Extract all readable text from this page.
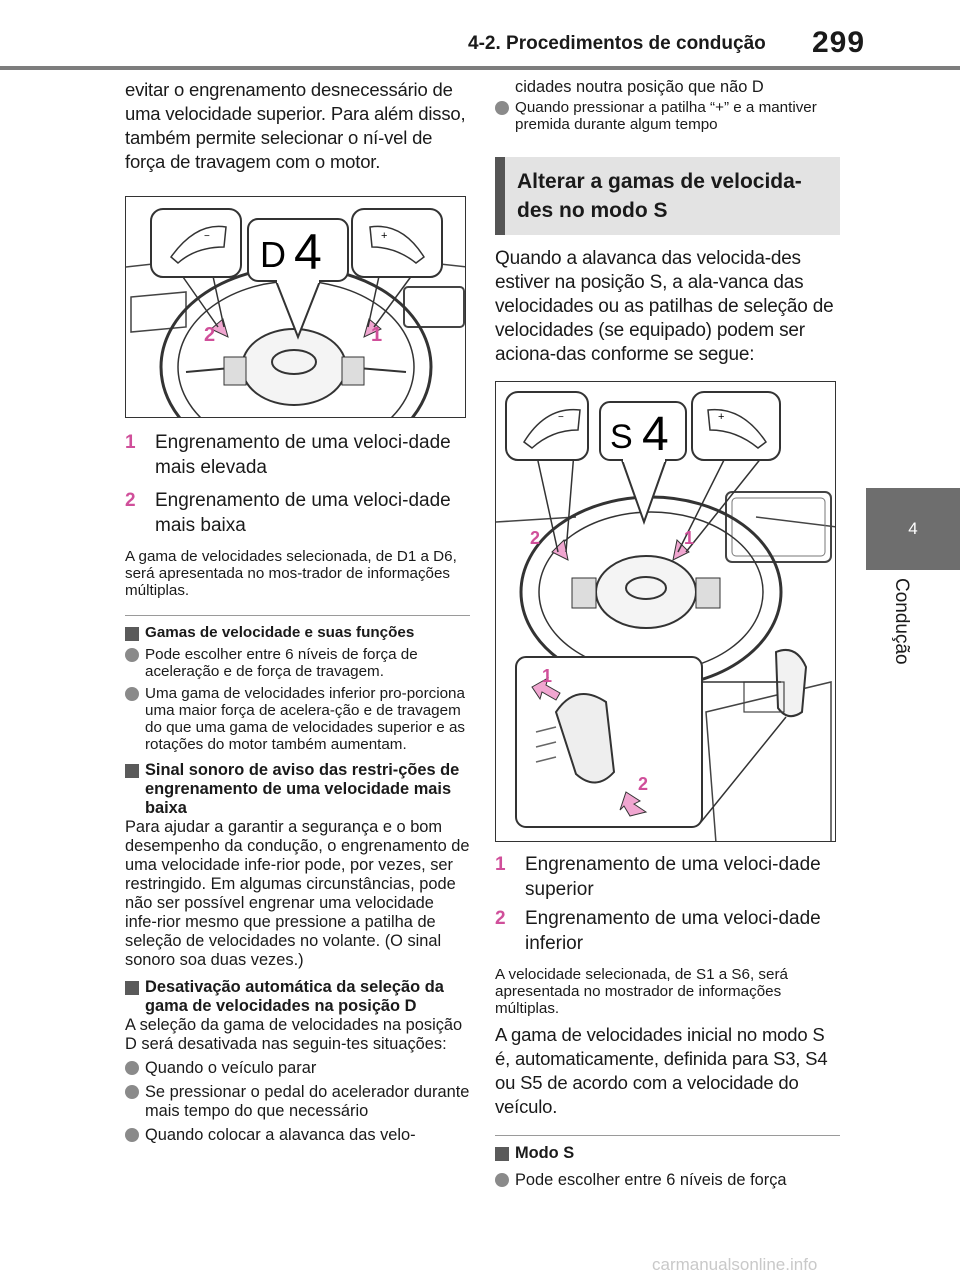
4-2. Procedimentos de condução 299
4
Condução
evitar o engrenamento desnecessário de uma velocidade superior. Para além disso, também permite selecionar o ní-vel de força de travagem com o motor.
−	+
D 4
2	1
1	Engrenamento de uma veloci-dade mais elevada
2	Engrenamento de uma veloci-dade mais baixa
A gama de velocidades selecionada, de D1 a D6, será apresentada no mos-trador de informações múltiplas.
Gamas de velocidade e suas funções
Pode escolher entre 6 níveis de força de aceleração e de força de travagem.
Uma gama de velocidades inferior pro-porciona uma maior força de acelera-ção e de travagem do que uma gama de velocidades superior e as rotações do motor também aumentam.
Sinal sonoro de aviso das restri-ções de engrenamento de uma velocidade mais baixa
Para ajudar a garantir a segurança e o bom desempenho da condução, o engrenamento de uma velocidade infe-rior pode, por vezes, ser restringido. Em algumas circunstâncias, pode não ser possível engrenar uma velocidade infe-rior mesmo que pressione a patilha de seleção de velocidades no volante. (O sinal sonoro soa duas vezes.)
Desativação automática da seleção da gama de velocidades na posição D
A seleção da gama de velocidades na posição D será desativada nas seguin-tes situações:
Quando o veículo parar
Se pressionar o pedal do acelerador durante mais tempo do que necessário
Quando colocar a alavanca das velo-
cidades noutra posição que não D
Quando pressionar a patilha “+” e a mantiver premida durante algum tempo
Alterar a gamas de velocida-des no modo S
Quando a alavanca das velocida-des estiver na posição S, a ala-vanca das velocidades ou as patilhas de seleção de velocidades (se equipado) podem ser aciona-das conforme se segue:
−	+
S 4
2	1
1
2
1	Engrenamento de uma veloci-dade superior
2	Engrenamento de uma veloci-dade inferior
A velocidade selecionada, de S1 a S6, será apresentada no mostrador de informações múltiplas.
A gama de velocidades inicial no modo S é, automaticamente, definida para S3, S4 ou S5 de acordo com a velocidade do veículo.
Modo S
Pode escolher entre 6 níveis de força
carmanualsonline.info
